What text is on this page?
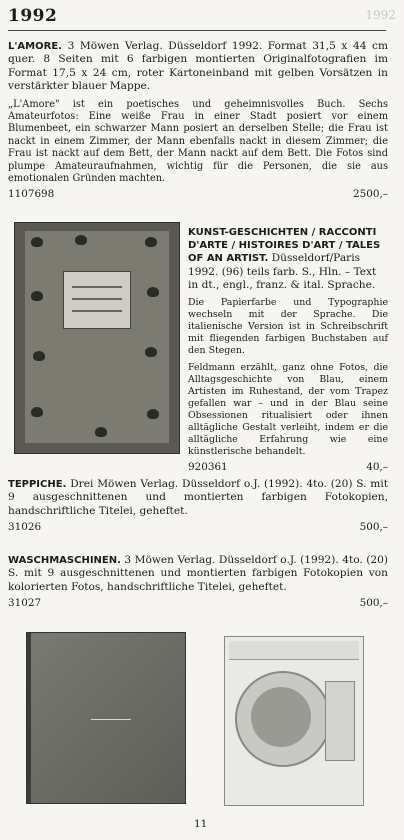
1992
1992

L'AMORE. 3 Möwen Verlag. Düsseldorf 1992. Format 31,5 x 44 cm quer. 8 Seiten mit 6 farbigen montierten Originalfotografien im Format 17,5 x 24 cm, roter Kartoneinband mit gelben Vorsätzen in verstärkter blauer Mappe.

„L'Amore" ist ein poetisches und geheimnisvolles Buch. Sechs Amateurfotos: Eine weiße Frau in einer Stadt posiert vor einem Blumenbeet, ein schwarzer Mann posiert an derselben Stelle; die Frau ist nackt in einem Zimmer, der Mann ebenfalls nackt in diesem Zimmer; die Frau ist nackt auf dem Bett, der Mann nackt auf dem Bett. Die Fotos sind plumpe Amateuraufnahmen, wichtig für die Personen, die sie aus emotionalen Gründen machten.

1107698	2500,–

KUNST-GESCHICHTEN / RACCONTI D'ARTE / HISTOIRES D'ART / TALES OF AN ARTIST. Düsseldorf/Paris 1992. (96) teils farb. S., Hln. – Text in dt., engl., franz. & ital. Sprache.

Die Papierfarbe und Typographie wechseln mit der Sprache. Die italienische Version ist in Schreibschrift mit fliegenden farbigen Buchstaben auf den Stegen.

Feldmann erzählt, ganz ohne Fotos, die Alltagsgeschichte von Blau, einem Artisten im Ruhestand, der vom Trapez gefallen war – und in der Blau seine Obsessionen ritualisiert oder ihnen alltägliche Gestalt verleiht, indem er die alltägliche Erfahrung wie eine künstlerische behandelt.

920361	40,–

TEPPICHE. Drei Möwen Verlag. Düsseldorf o.J. (1992). 4to. (20) S. mit 9 ausgeschnittenen und montierten farbigen Fotokopien, handschriftliche Titelei, geheftet.

31026	500,–

WASCHMASCHINEN. 3 Möwen Verlag. Düsseldorf o.J. (1992). 4to. (20) S. mit 9 ausgeschnittenen und montierten farbigen Fotokopien von kolorierten Fotos, handschriftliche Titelei, geheftet.

31027	500,–
11
